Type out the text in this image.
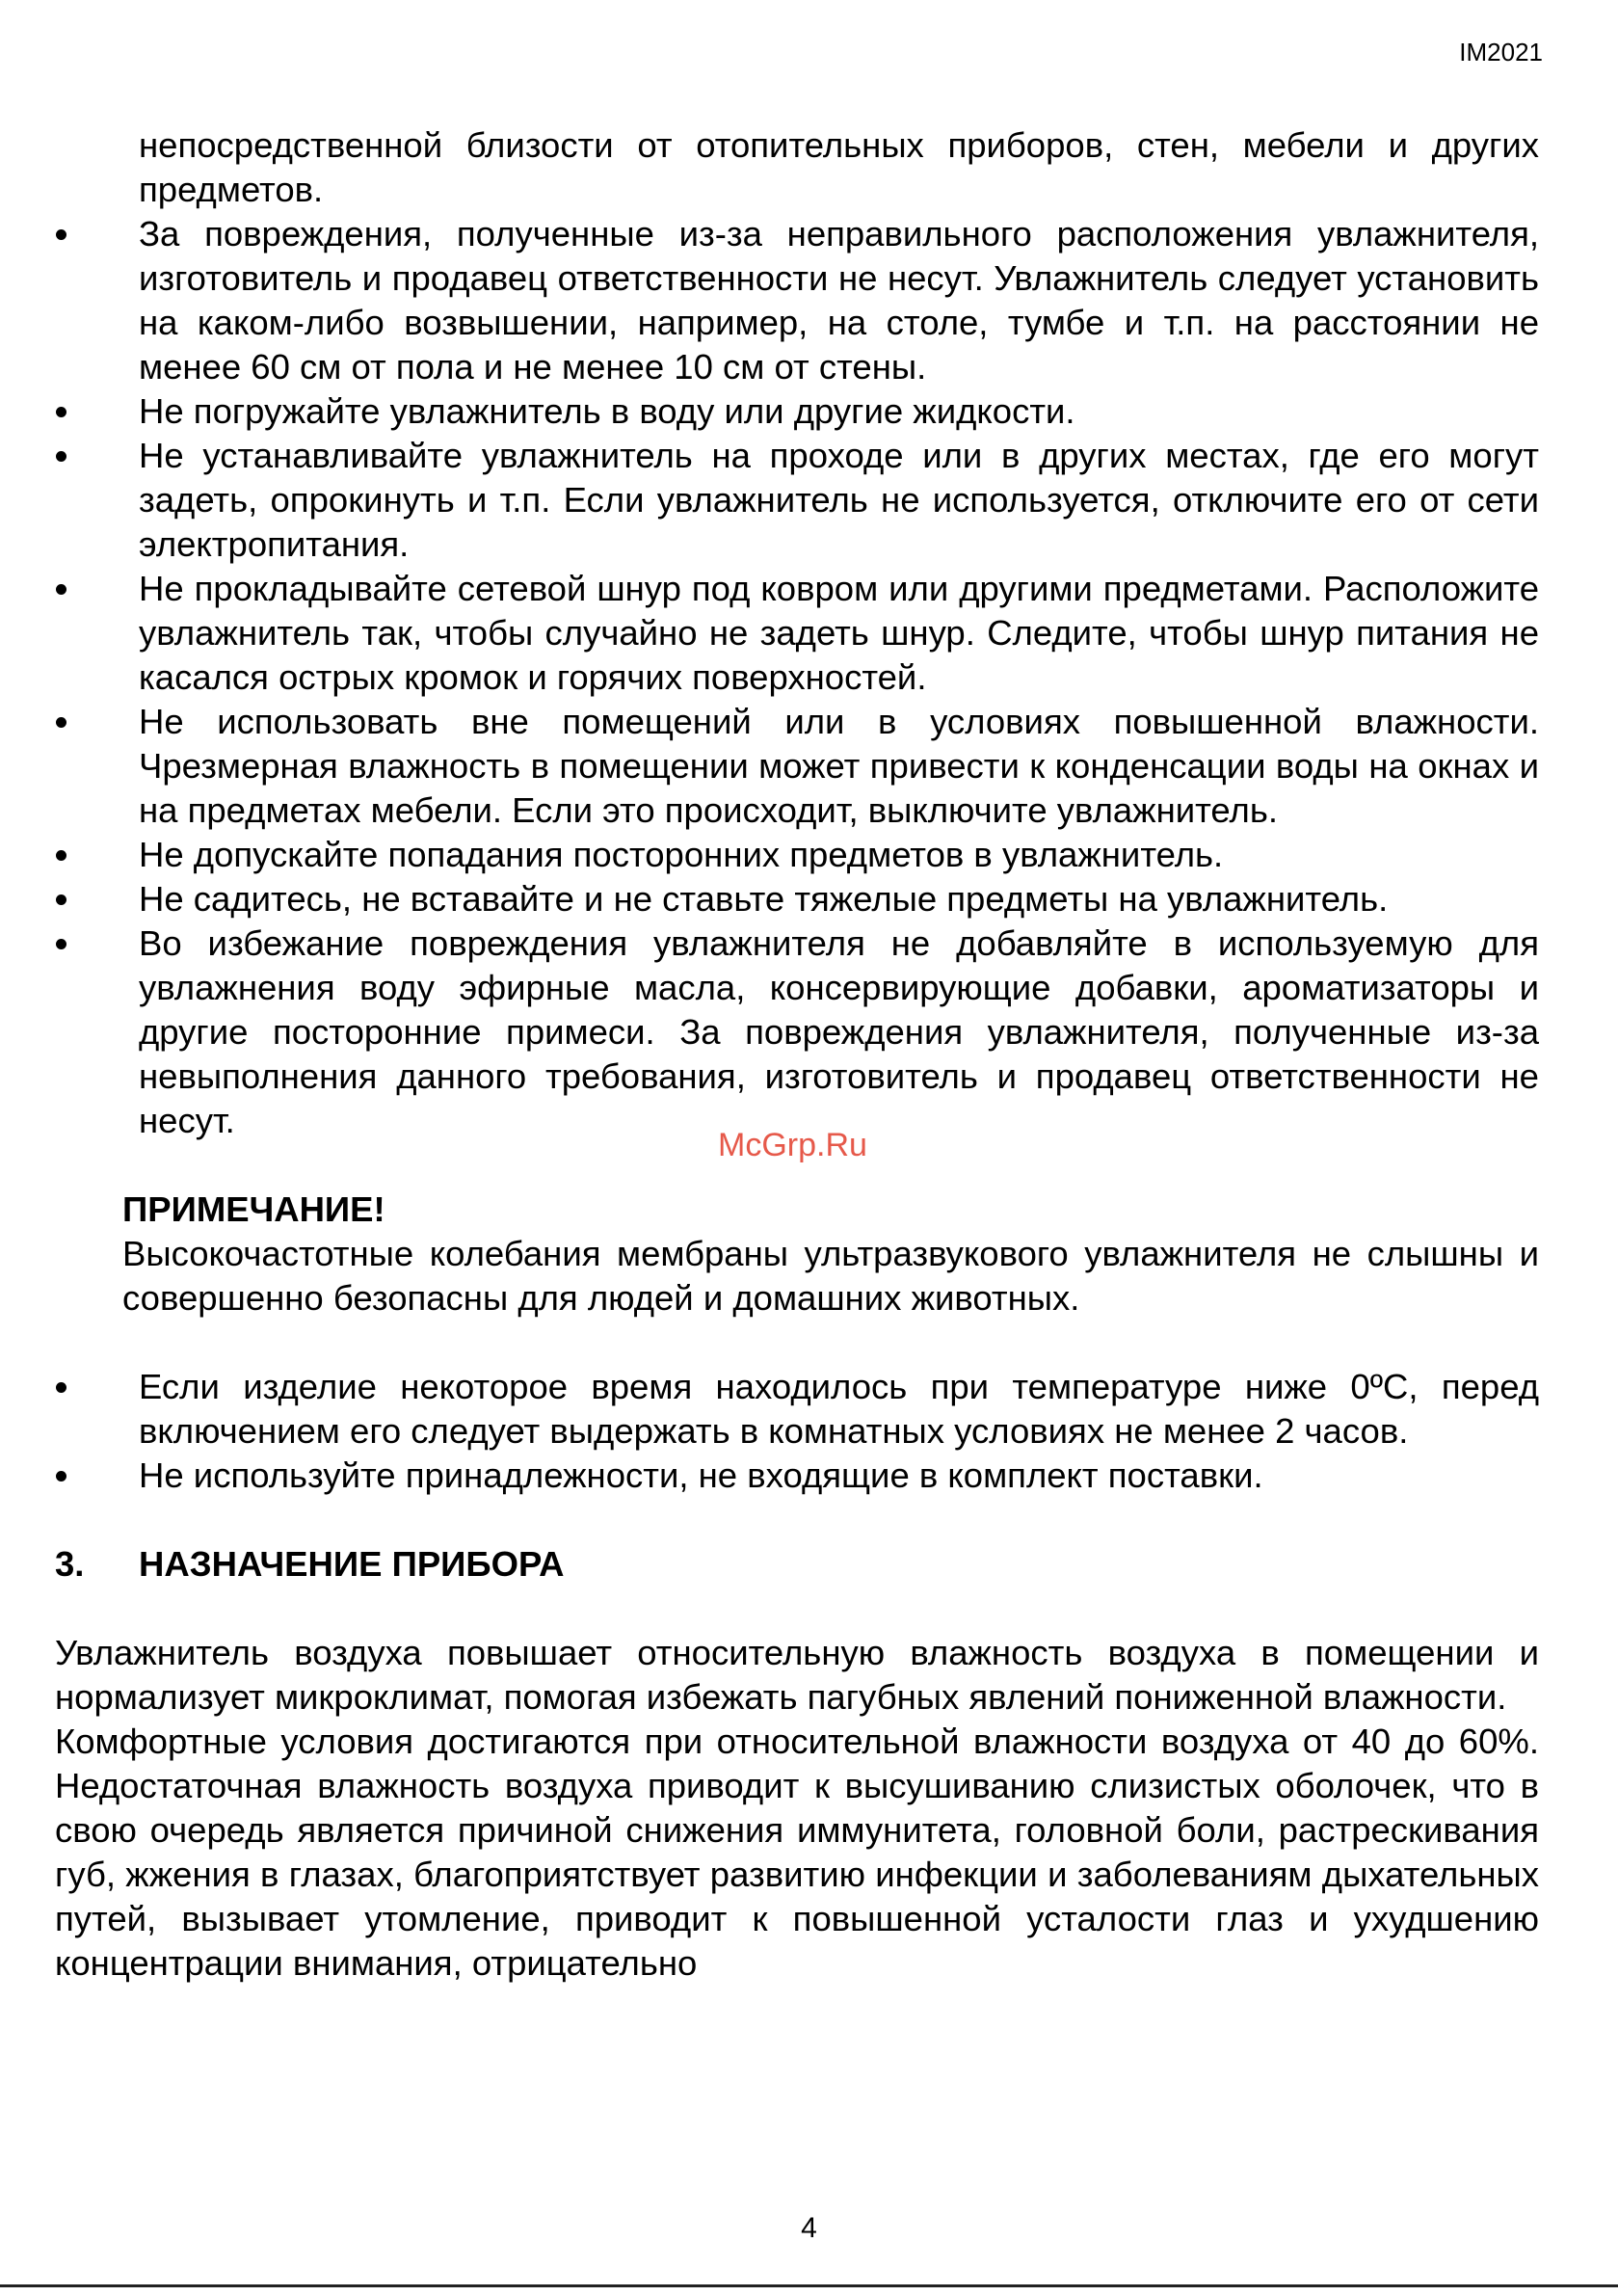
IM2021
непосредственной близости от отопительных приборов, стен, мебели и других предметов.
За повреждения, полученные из-за неправильного расположения увлажнителя, изготовитель и продавец ответственности не несут. Увлажнитель следует установить на каком-либо возвышении, например, на столе, тумбе и т.п. на расстоянии не менее 60 см от пола и не менее 10 см от стены.
Не погружайте увлажнитель в воду или другие жидкости.
Не устанавливайте увлажнитель на проходе или в других местах, где его могут задеть, опрокинуть и т.п. Если увлажнитель не используется, отключите его от сети электропитания.
Не прокладывайте сетевой шнур под ковром или другими предметами. Расположите увлажнитель так, чтобы случайно не задеть шнур. Следите, чтобы шнур питания не касался острых кромок и горячих поверхностей.
Не использовать вне помещений или в условиях повышенной влажности. Чрезмерная влажность в помещении может привести к конденсации воды на окнах и на предметах мебели. Если это происходит, выключите увлажнитель.
Не допускайте попадания посторонних предметов в увлажнитель.
Не садитесь, не вставайте и не ставьте тяжелые предметы на увлажнитель.
Во избежание повреждения увлажнителя не добавляйте в используемую для увлажнения воду эфирные масла, консервирующие добавки, ароматизаторы и другие посторонние примеси. За повреждения увлажнителя, полученные из-за невыполнения данного требования, изготовитель и продавец ответственности не несут.
ПРИМЕЧАНИЕ!
Высокочастотные колебания мембраны ультразвукового увлажнителя не слышны и совершенно безопасны для людей и домашних животных.
Если изделие некоторое время находилось при температуре ниже 0ºС, перед включением его следует выдержать в комнатных условиях не менее 2 часов.
Не используйте принадлежности, не входящие в комплект поставки.
3. НАЗНАЧЕНИЕ ПРИБОРА
Увлажнитель воздуха повышает относительную влажность воздуха в помещении и нормализует микроклимат, помогая избежать пагубных явлений пониженной влажности.
Комфортные условия достигаются при относительной влажности воздуха от 40 до 60%. Недостаточная влажность воздуха приводит к высушиванию слизистых оболочек, что в свою очередь является причиной снижения иммунитета, головной боли, растрескивания губ, жжения в глазах, благоприятствует развитию инфекции и заболеваниям дыхательных путей, вызывает утомление, приводит к повышенной усталости глаз и ухудшению концентрации внимания, отрицательно
McGrp.Ru
4
